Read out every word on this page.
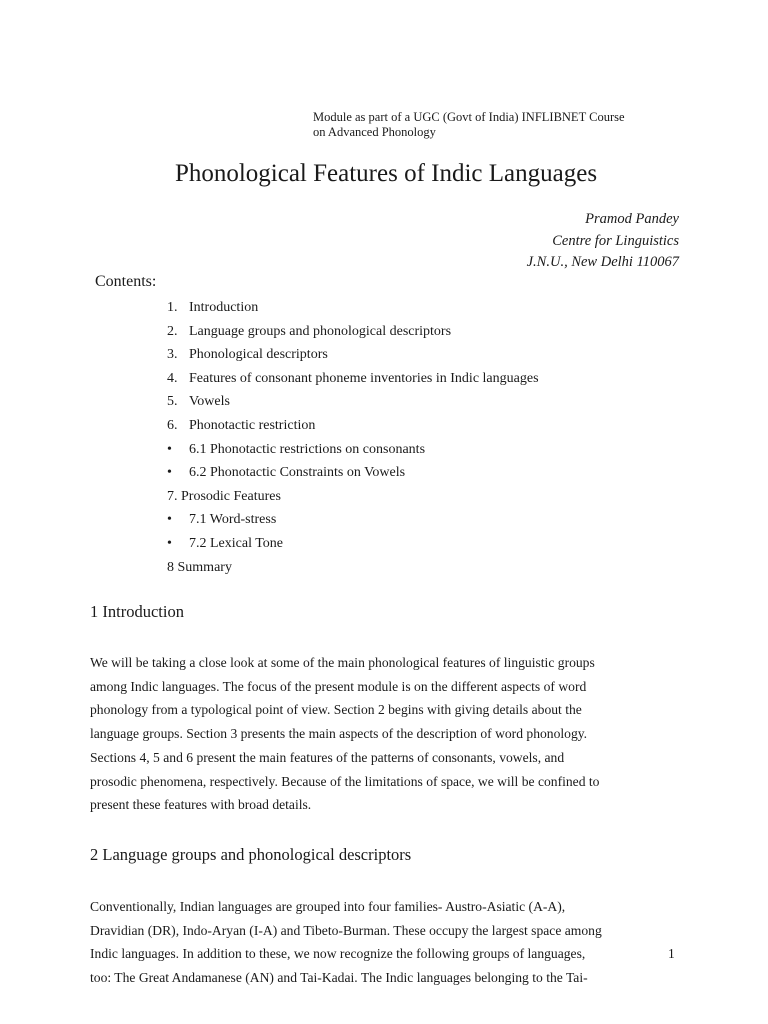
Module as part of a UGC (Govt of India) INFLIBNET Course
on Advanced Phonology
Phonological Features of Indic Languages
Pramod Pandey
Centre for Linguistics
J.N.U., New Delhi 110067
Contents:
1. Introduction
2. Language groups and phonological descriptors
3. Phonological descriptors
4. Features of consonant phoneme inventories in Indic languages
5. Vowels
6. Phonotactic restriction
• 6.1 Phonotactic restrictions on consonants
• 6.2 Phonotactic Constraints on Vowels
7. Prosodic Features
• 7.1 Word-stress
• 7.2 Lexical Tone
8 Summary
1 Introduction

We will be taking a close look at some of the main phonological features of linguistic groups
among Indic languages. The focus of the present module is on the different aspects of word
phonology from a typological point of view. Section 2 begins with giving details about the
language groups. Section 3 presents the main aspects of the description of word phonology.
Sections 4, 5 and 6 present the main features of the patterns of consonants, vowels, and
prosodic phenomena, respectively. Because of the limitations of space, we will be confined to
present these features with broad details.

2 Language groups and phonological descriptors

Conventionally, Indian languages are grouped into four families- Austro-Asiatic (A-A),
Dravidian (DR), Indo-Aryan (I-A) and Tibeto-Burman. These occupy the largest space among
Indic languages. In addition to these, we now recognize the following groups of languages,
too: The Great Andamanese (AN) and Tai-Kadai. The Indic languages belonging to the Tai-

1
